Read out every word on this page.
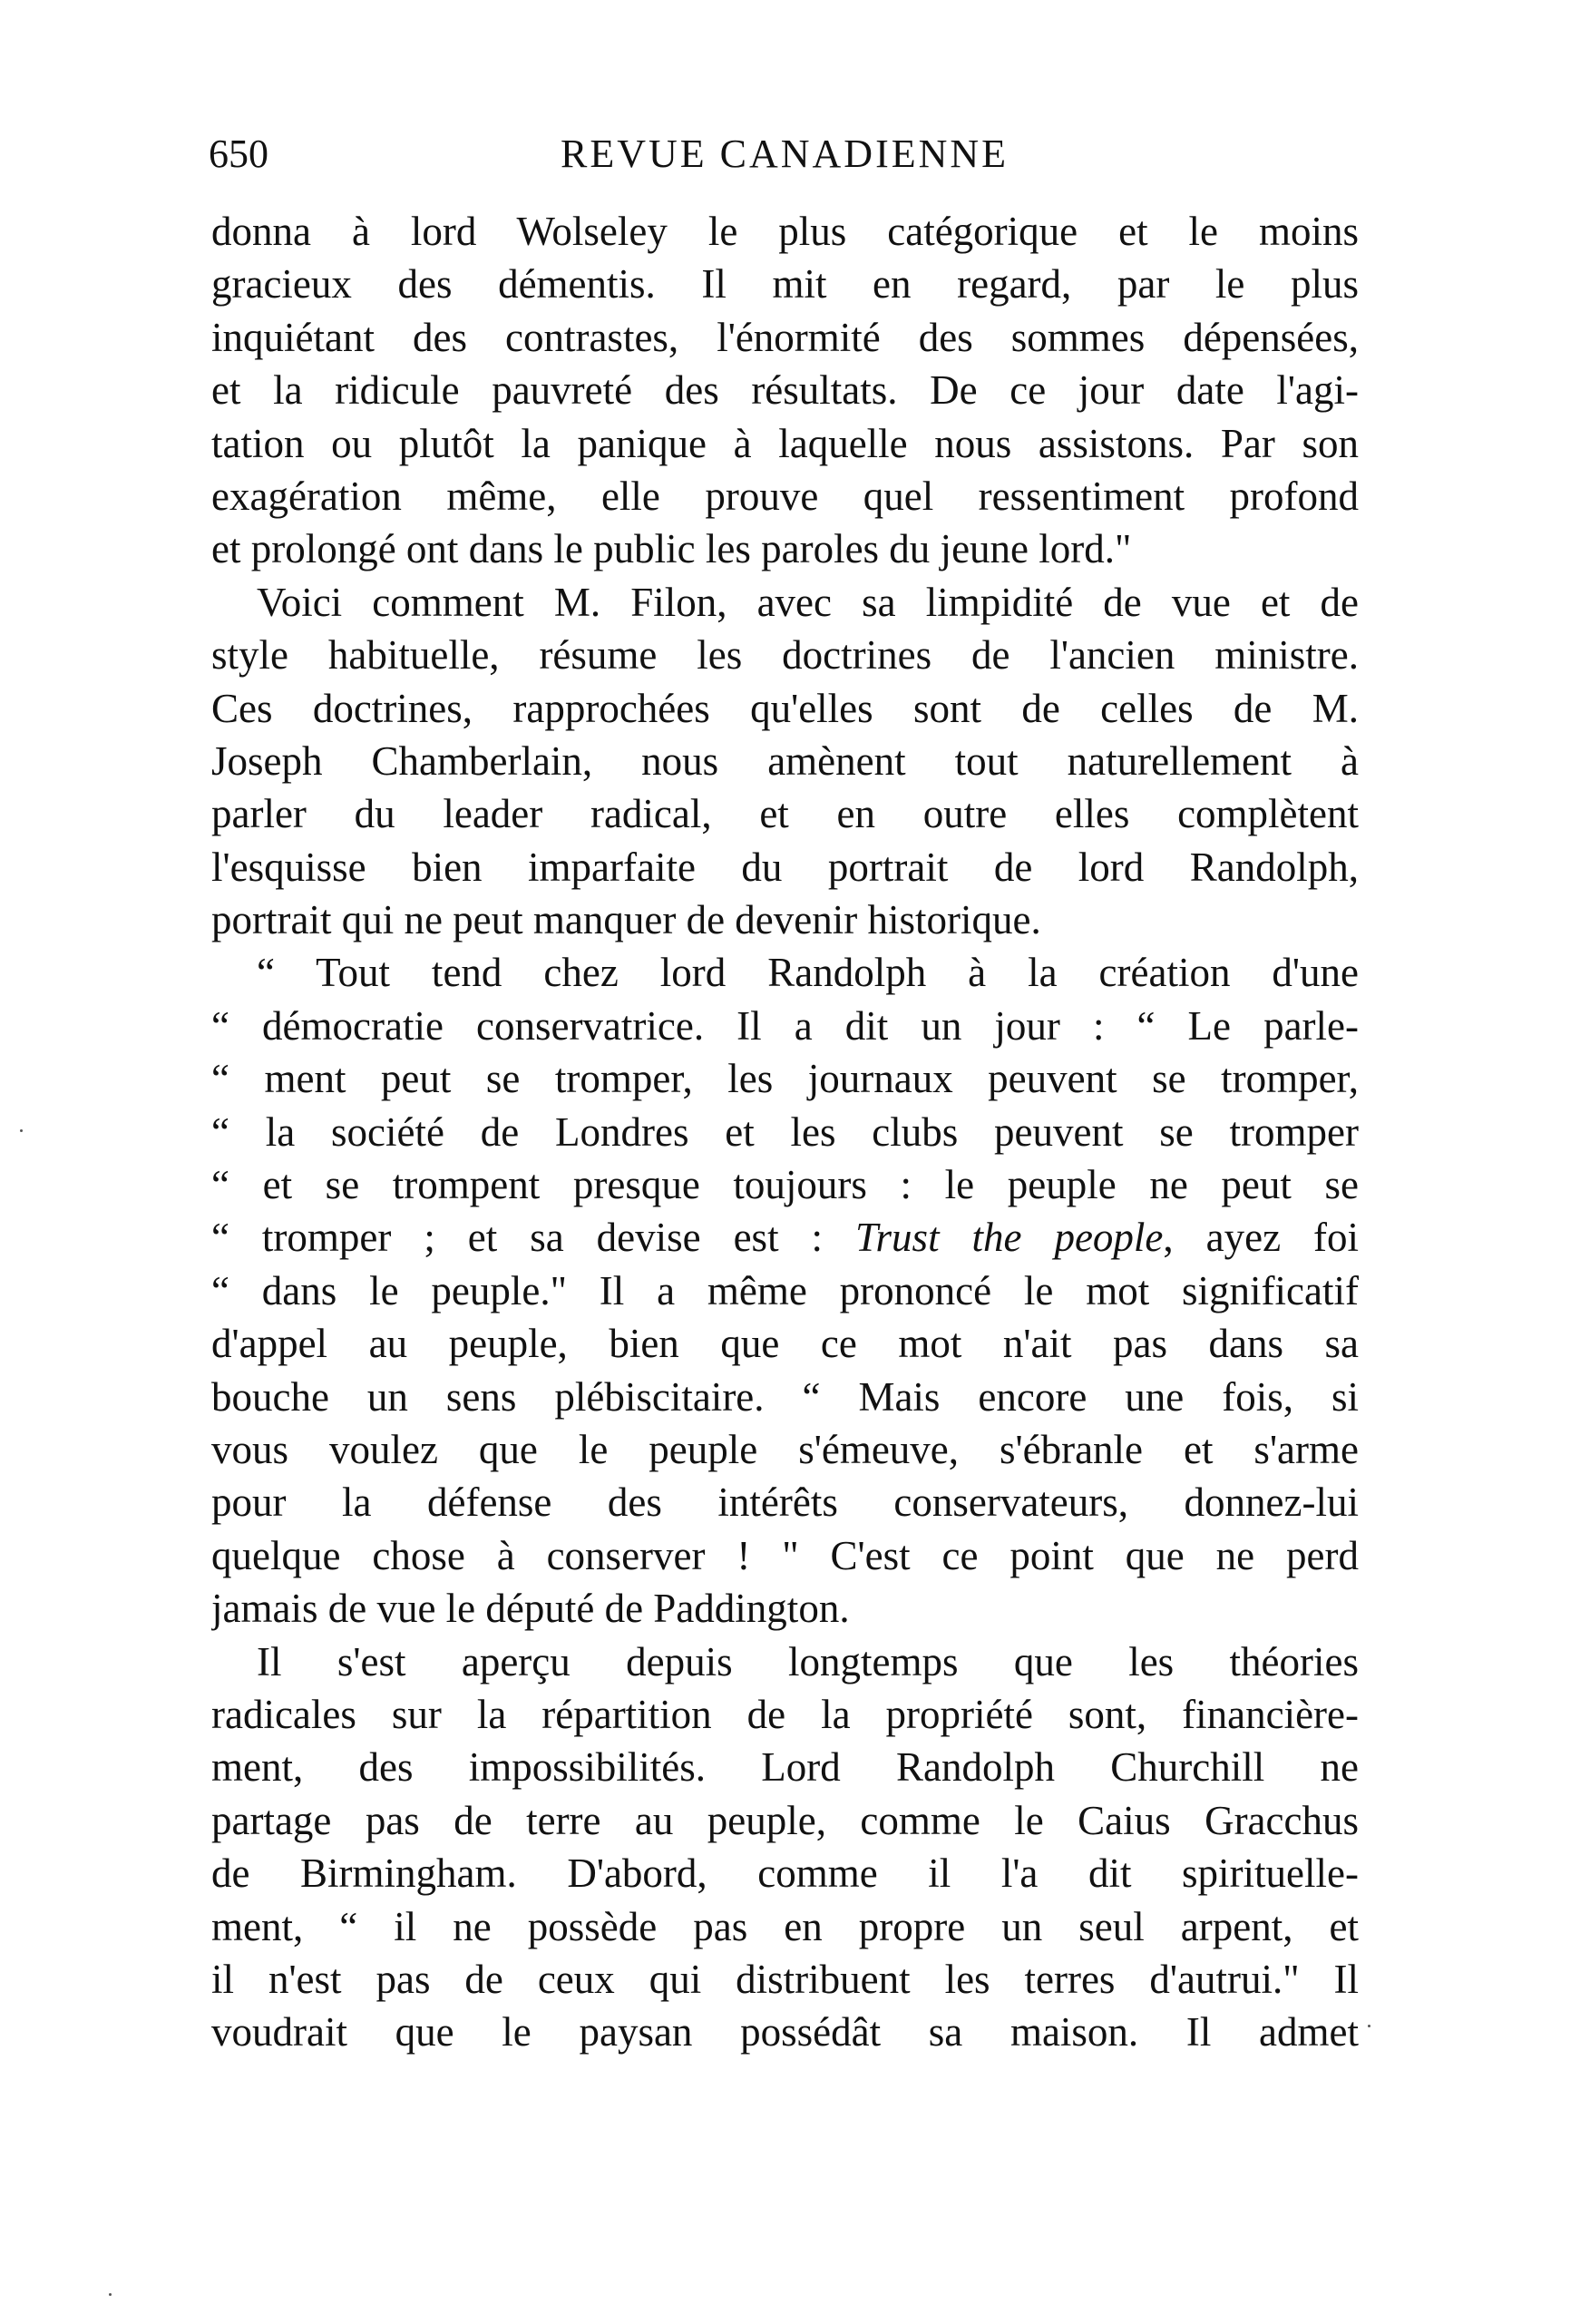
650	REVUE CANADIENNE
donna à lord Wolseley le plus catégorique et le moins
gracieux des démentis. Il mit en regard, par le plus
inquiétant des contrastes, l'énormité des sommes dépensées,
et la ridicule pauvreté des résultats. De ce jour date l'agi-
tation ou plutôt la panique à laquelle nous assistons. Par son
exagération même, elle prouve quel ressentiment profond
et prolongé ont dans le public les paroles du jeune lord."
Voici comment M. Filon, avec sa limpidité de vue et de
style habituelle, résume les doctrines de l'ancien ministre.
Ces doctrines, rapprochées qu'elles sont de celles de M.
Joseph Chamberlain, nous amènent tout naturellement à
parler du leader radical, et en outre elles complètent
l'esquisse bien imparfaite du portrait de lord Randolph,
portrait qui ne peut manquer de devenir historique.
“ Tout tend chez lord Randolph à la création d'une
“ démocratie conservatrice. Il a dit un jour : “ Le parle-
“ ment peut se tromper, les journaux peuvent se tromper,
“ la société de Londres et les clubs peuvent se tromper
“ et se trompent presque toujours : le peuple ne peut se
“ tromper ; et sa devise est : Trust the people, ayez foi
“ dans le peuple." Il a même prononcé le mot significatif
d'appel au peuple, bien que ce mot n'ait pas dans sa
bouche un sens plébiscitaire. “ Mais encore une fois, si
vous voulez que le peuple s'émeuve, s'ébranle et s'arme
pour la défense des intérêts conservateurs, donnez-lui
quelque chose à conserver ! " C'est ce point que ne perd
jamais de vue le député de Paddington.
Il s'est aperçu depuis longtemps que les théories
radicales sur la répartition de la propriété sont, financière-
ment, des impossibilités. Lord Randolph Churchill ne
partage pas de terre au peuple, comme le Caius Gracchus
de Birmingham. D'abord, comme il l'a dit spirituelle-
ment, “ il ne possède pas en propre un seul arpent, et
il n'est pas de ceux qui distribuent les terres d'autrui." Il
voudrait que le paysan possédât sa maison. Il admet
